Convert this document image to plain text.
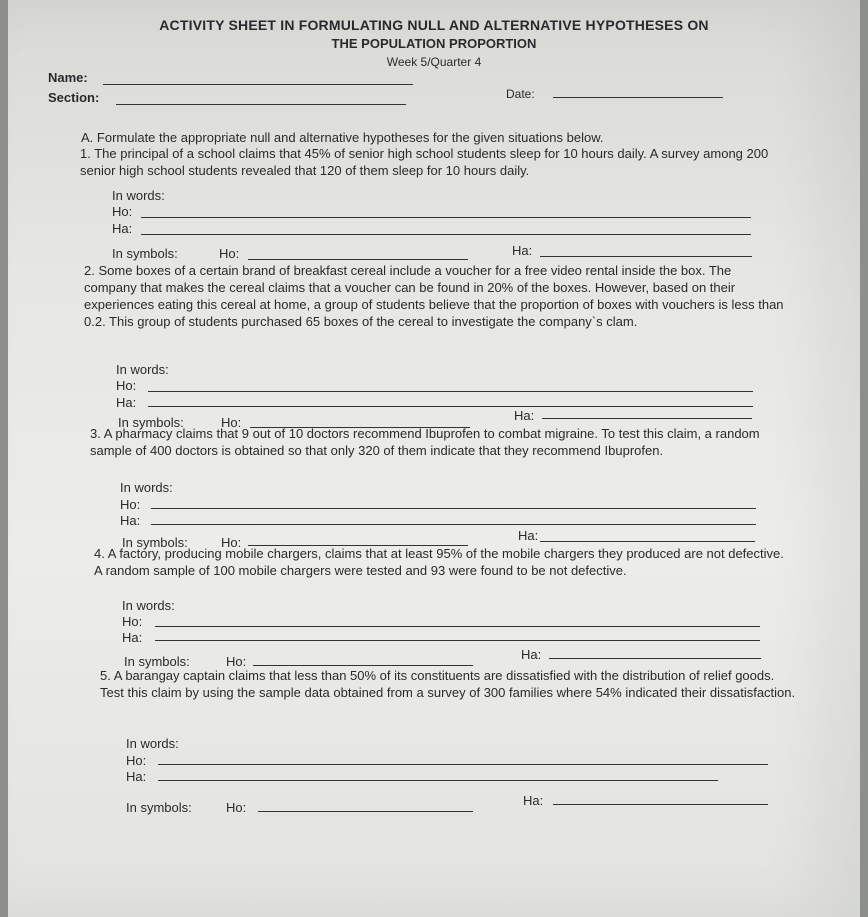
ACTIVITY SHEET IN FORMULATING NULL AND ALTERNATIVE HYPOTHESES ON
THE POPULATION PROPORTION
Week 5/Quarter 4
Name:
Section:	Date:
A. Formulate the appropriate null and alternative hypotheses for the given situations below.
1. The principal of a school claims that 45% of senior high school students sleep for 10 hours daily. A survey among 200 senior high school students revealed that 120 of them sleep for 10 hours daily.
In words:
Ho:
Ha:
In symbols:	Ho:	Ha:
2. Some boxes of a certain brand of breakfast cereal include a voucher for a free video rental inside the box. The company that makes the cereal claims that a voucher can be found in 20% of the boxes. However, based on their experiences eating this cereal at home, a group of students believe that the proportion of boxes with vouchers is less than 0.2. This group of students purchased 65 boxes of the cereal to investigate the company`s clam.
In words:
Ho:
Ha:
In symbols:	Ho:	Ha:
3. A pharmacy claims that 9 out of 10 doctors recommend Ibuprofen to combat migraine. To test this claim, a random sample of 400 doctors is obtained so that only 320 of them indicate that they recommend Ibuprofen.
In words:
Ho:
Ha:
In symbols:	Ho:	Ha:
4. A factory, producing mobile chargers, claims that at least 95% of the mobile chargers they produced are not defective. A random sample of 100 mobile chargers were tested and 93 were found to be not defective.
In words:
Ho:
Ha:
In symbols:	Ho:	Ha:
5. A barangay captain claims that less than 50% of its constituents are dissatisfied with the distribution of relief goods. Test this claim by using the sample data obtained from a survey of 300 families where 54% indicated their dissatisfaction.
In words:
Ho:
Ha:
In symbols:	Ho:	Ha:
